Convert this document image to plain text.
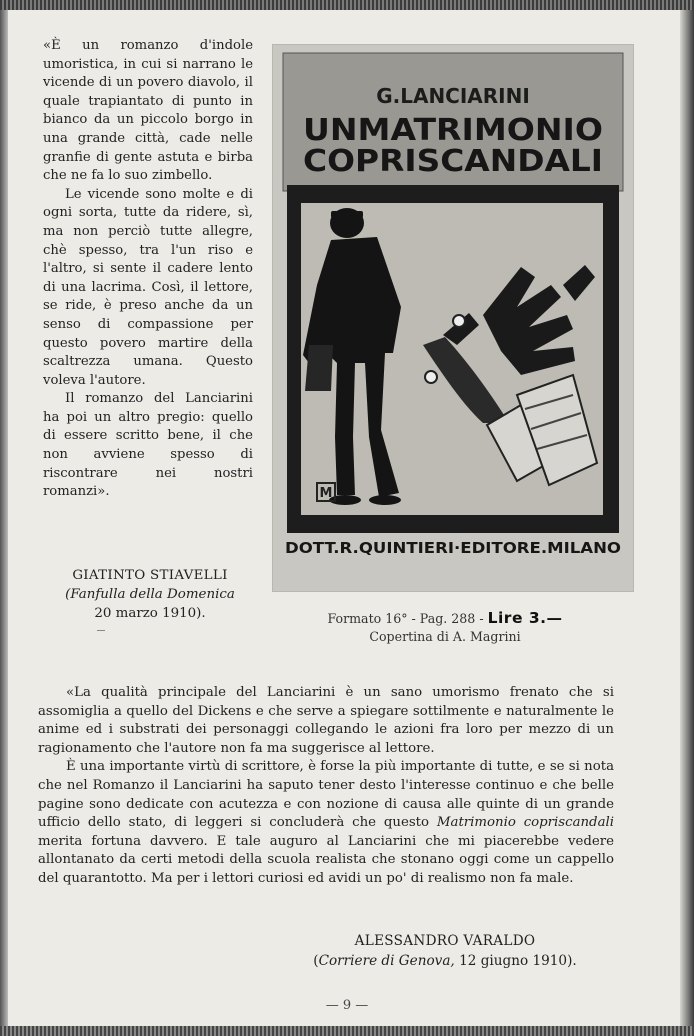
«È un romanzo d'indole umoristica, in cui si narrano le vicende di un povero diavolo, il quale trapiantato di punto in bianco da un piccolo borgo in una grande città, cade nelle granfie di gente astuta e birba che ne fa lo suo zimbello.

Le vicende sono molte e di ogni sorta, tutte da ridere, sì, ma non perciò tutte allegre, chè spesso, tra l'un riso e l'altro, si sente il cadere lento di una lacrima. Così, il lettore, se ride, è preso anche da un senso di compassione per questo povero martire della scaltrezza umana. Questo voleva l'autore.

Il romanzo del Lanciarini ha poi un altro pregio: quello di essere scritto bene, il che non avviene spesso di riscontrare nei nostri romanzi».

GIATINTO STIAVELLI
(Fanfulla della Domenica
20 marzo 1910).
G.LANCIARINI
UNMATRIMONIO
COPRISCANDALI
M
DOTT.R.QUINTIERI·EDITORE.MILANO
Formato 16° - Pag. 288 - Lire 3.—
Copertina di A. Magrini

«La qualità principale del Lanciarini è un sano umorismo frenato che si assomiglia a quello del Dickens e che serve a spiegare sottilmente e naturalmente le anime ed i substrati dei personaggi collegando le azioni fra loro per mezzo di un ragionamento che l'autore non fa ma suggerisce al lettore.

È una importante virtù di scrittore, è forse la più importante di tutte, e se si nota che nel Romanzo il Lanciarini ha saputo tener desto l'interesse continuo e che belle pagine sono dedicate con acutezza e con nozione di causa alle quinte di un grande ufficio dello stato, di leggeri si concluderà che questo Matrimonio copriscandali merita fortuna davvero. E tale auguro al Lanciarini che mi piacerebbe vedere allontanato da certi metodi della scuola realista che stonano oggi come un cappello del quarantotto. Ma per i lettori curiosi ed avidi un po' di realismo non fa male.

ALESSANDRO VARALDO
(Corriere di Genova, 12 giugno 1910).
— 9 —
